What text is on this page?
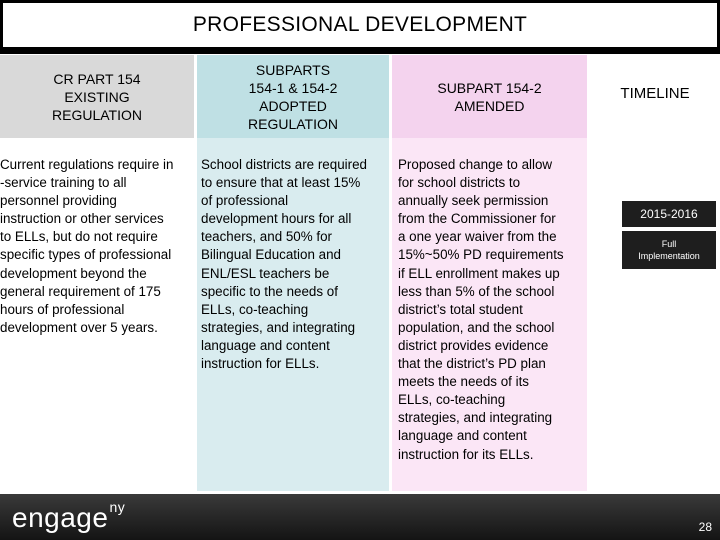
PROFESSIONAL DEVELOPMENT
CR PART 154
EXISTING
REGULATION
Current regulations require in
-service training to all
personnel providing
instruction or other services
to ELLs, but do not require
specific types of professional
development beyond the
general requirement of 175
hours of professional
development over 5 years.
SUBPARTS
154-1 & 154-2
ADOPTED
REGULATION
School districts are required
to ensure that at least 15%
of professional
development hours for all
teachers, and 50% for
Bilingual Education and
ENL/ESL teachers be
specific to the needs of
ELLs, co-teaching
strategies, and integrating
language and content
instruction for ELLs.
SUBPART 154-2
AMENDED
Proposed change to allow
for school districts to
annually seek permission
from the Commissioner for
a one year waiver from the
15%~50% PD requirements
if ELL enrollment makes up
less than 5% of the school
district’s total student
population, and the school
district provides evidence
that the district’s PD plan
meets the needs of its
ELLs, co-teaching
strategies, and integrating
language and content
instruction for its ELLs.
TIMELINE
2015-2016
Full
Implementation
engage$^{ny}$
28
